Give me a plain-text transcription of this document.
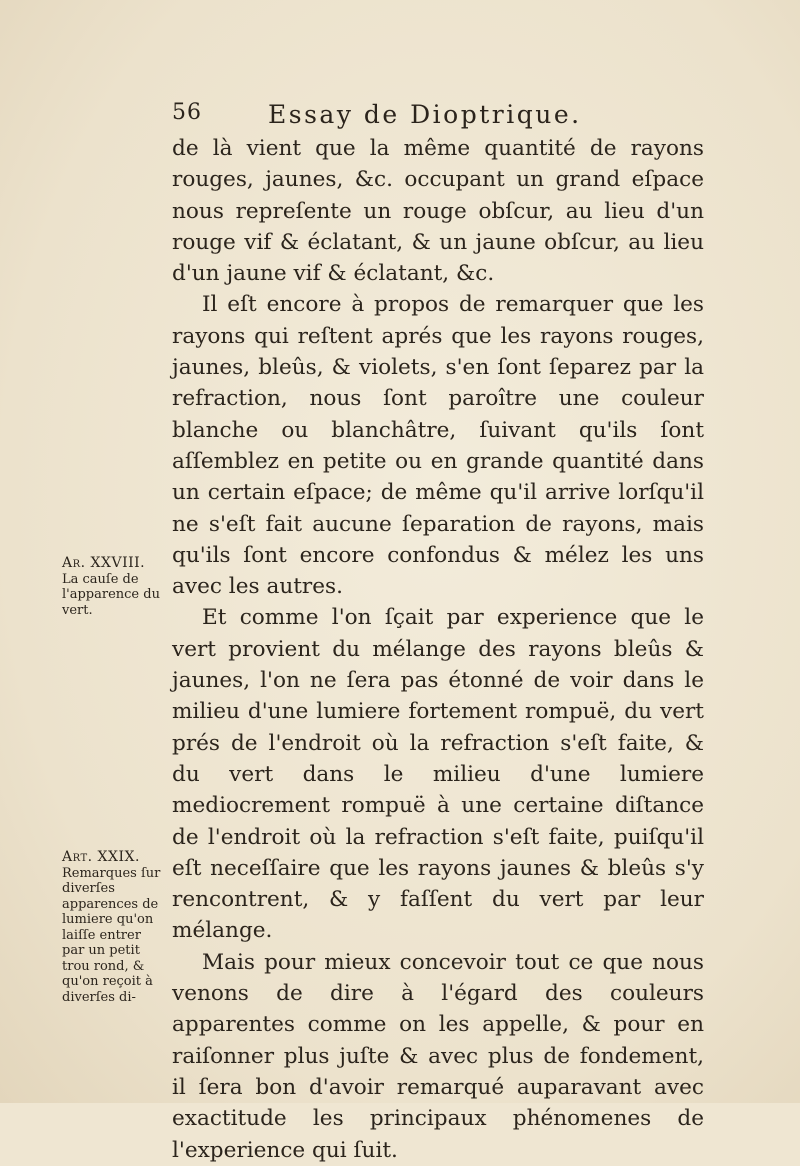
56	Essay de Dioptrique.

de là vient que la même quantité de rayons rouges, jaunes, &c. occupant un grand eſpace nous repreſente un rouge obſcur, au lieu d'un rouge vif & éclatant, & un jaune obſcur, au lieu d'un jaune vif & éclatant, &c.

Il eſt encore à propos de remarquer que les rayons qui reſtent aprés que les rayons rouges, jaunes, bleûs, & violets, s'en ſont ſeparez par la refraction, nous ſont paroître une couleur blanche ou blanchâtre, ſuivant qu'ils ſont aſſemblez en petite ou en grande quantité dans un certain eſpace; de même qu'il arrive lorſqu'il ne s'eſt fait aucune ſeparation de rayons, mais qu'ils ſont encore confondus & mélez les uns avec les autres.

Et comme l'on ſçait par experience que le vert provient du mélange des rayons bleûs & jaunes, l'on ne ſera pas étonné de voir dans le milieu d'une lumiere fortement rompuë, du vert prés de l'endroit où la refraction s'eſt faite, & du vert dans le milieu d'une lumiere mediocrement rompuë à une certaine diſtance de l'endroit où la refraction s'eſt faite, puiſqu'il eſt neceſſaire que les rayons jaunes & bleûs s'y rencontrent, & y faſſent du vert par leur mélange.

Mais pour mieux concevoir tout ce que nous venons de dire à l'égard des couleurs apparentes comme on les appelle, & pour en raiſonner plus juſte & avec plus de fondement, il ſera bon d'avoir remarqué auparavant avec exactitude les principaux phénomenes de l'experience qui ſuit.

Ar. XXVIII.
La cauſe de l'apparence du vert.
Art. XXIX.
Remarques ſur diverſes apparences de lumiere qu'on laiſſe entrer par un petit trou rond, & qu'on reçoit à diverſes di-
